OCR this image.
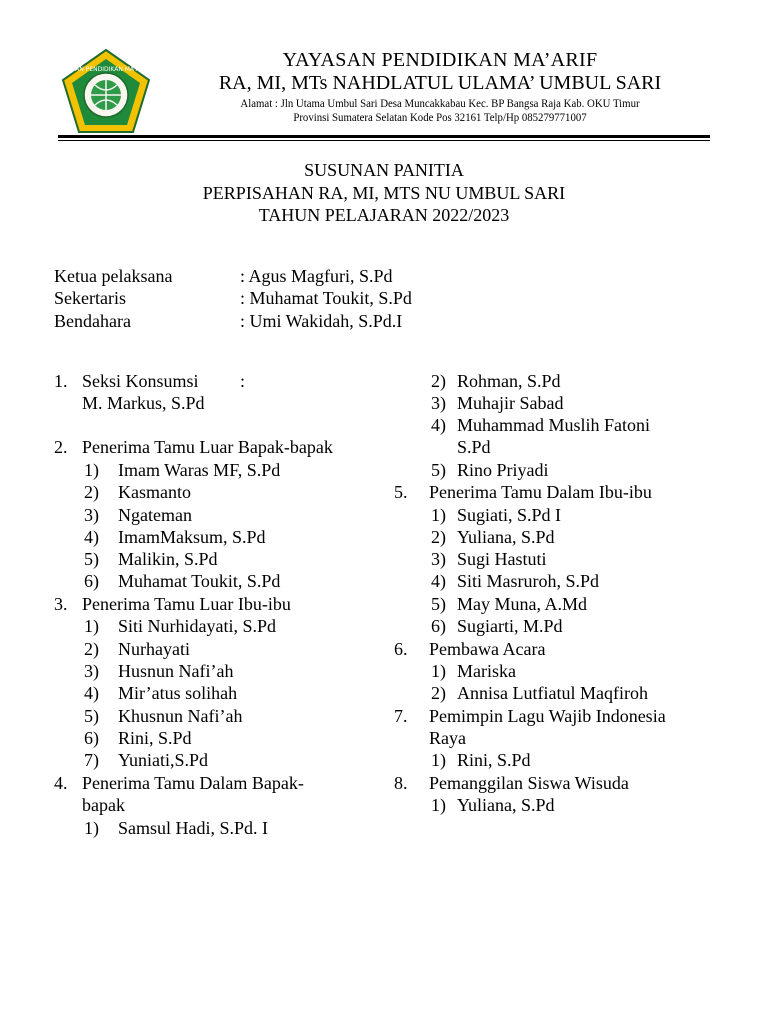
IKATAN PENDIDIKAN MA'ARIF	YAYASAN PENDIDIKAN MA’ARIF
RA, MI, MTs NAHDLATUL ULAMA’ UMBUL SARI
Alamat : Jln Utama Umbul Sari Desa Muncakkabau Kec. BP Bangsa Raja Kab. OKU Timur
Provinsi Sumatera Selatan Kode Pos 32161 Telp/Hp 085279771007
SUSUNAN PANITIA
PERPISAHAN RA, MI, MTS NU UMBUL SARI
TAHUN PELAJARAN 2022/2023
Ketua pelaksana	: Agus Magfuri, S.Pd
Sekertaris	: Muhamat Toukit, S.Pd
Bendahara	: Umi Wakidah, S.Pd.I
1. Seksi Konsumsi :
M. Markus, S.Pd
2. Penerima Tamu Luar Bapak-bapak
1) Imam Waras MF, S.Pd
2) Kasmanto
3) Ngateman
4) ImamMaksum, S.Pd
5) Malikin, S.Pd
6) Muhamat Toukit, S.Pd
3. Penerima Tamu Luar Ibu-ibu
1) Siti Nurhidayati, S.Pd
2) Nurhayati
3) Husnun Nafi’ah
4) Mir’atus solihah
5) Khusnun Nafi’ah
6) Rini, S.Pd
7) Yuniati,S.Pd
4. Penerima Tamu Dalam Bapak-
bapak
1) Samsul Hadi, S.Pd. I
2) Rohman, S.Pd
3) Muhajir Sabad
4) Muhammad Muslih Fatoni
S.Pd
5) Rino Priyadi
5. Penerima Tamu Dalam Ibu-ibu
1) Sugiati, S.Pd I
2) Yuliana, S.Pd
3) Sugi Hastuti
4) Siti Masruroh, S.Pd
5) May Muna, A.Md
6) Sugiarti, M.Pd
6. Pembawa Acara
1) Mariska
2) Annisa Lutfiatul Maqfiroh
7. Pemimpin Lagu Wajib Indonesia
Raya
1) Rini, S.Pd
8. Pemanggilan Siswa Wisuda
1) Yuliana, S.Pd
